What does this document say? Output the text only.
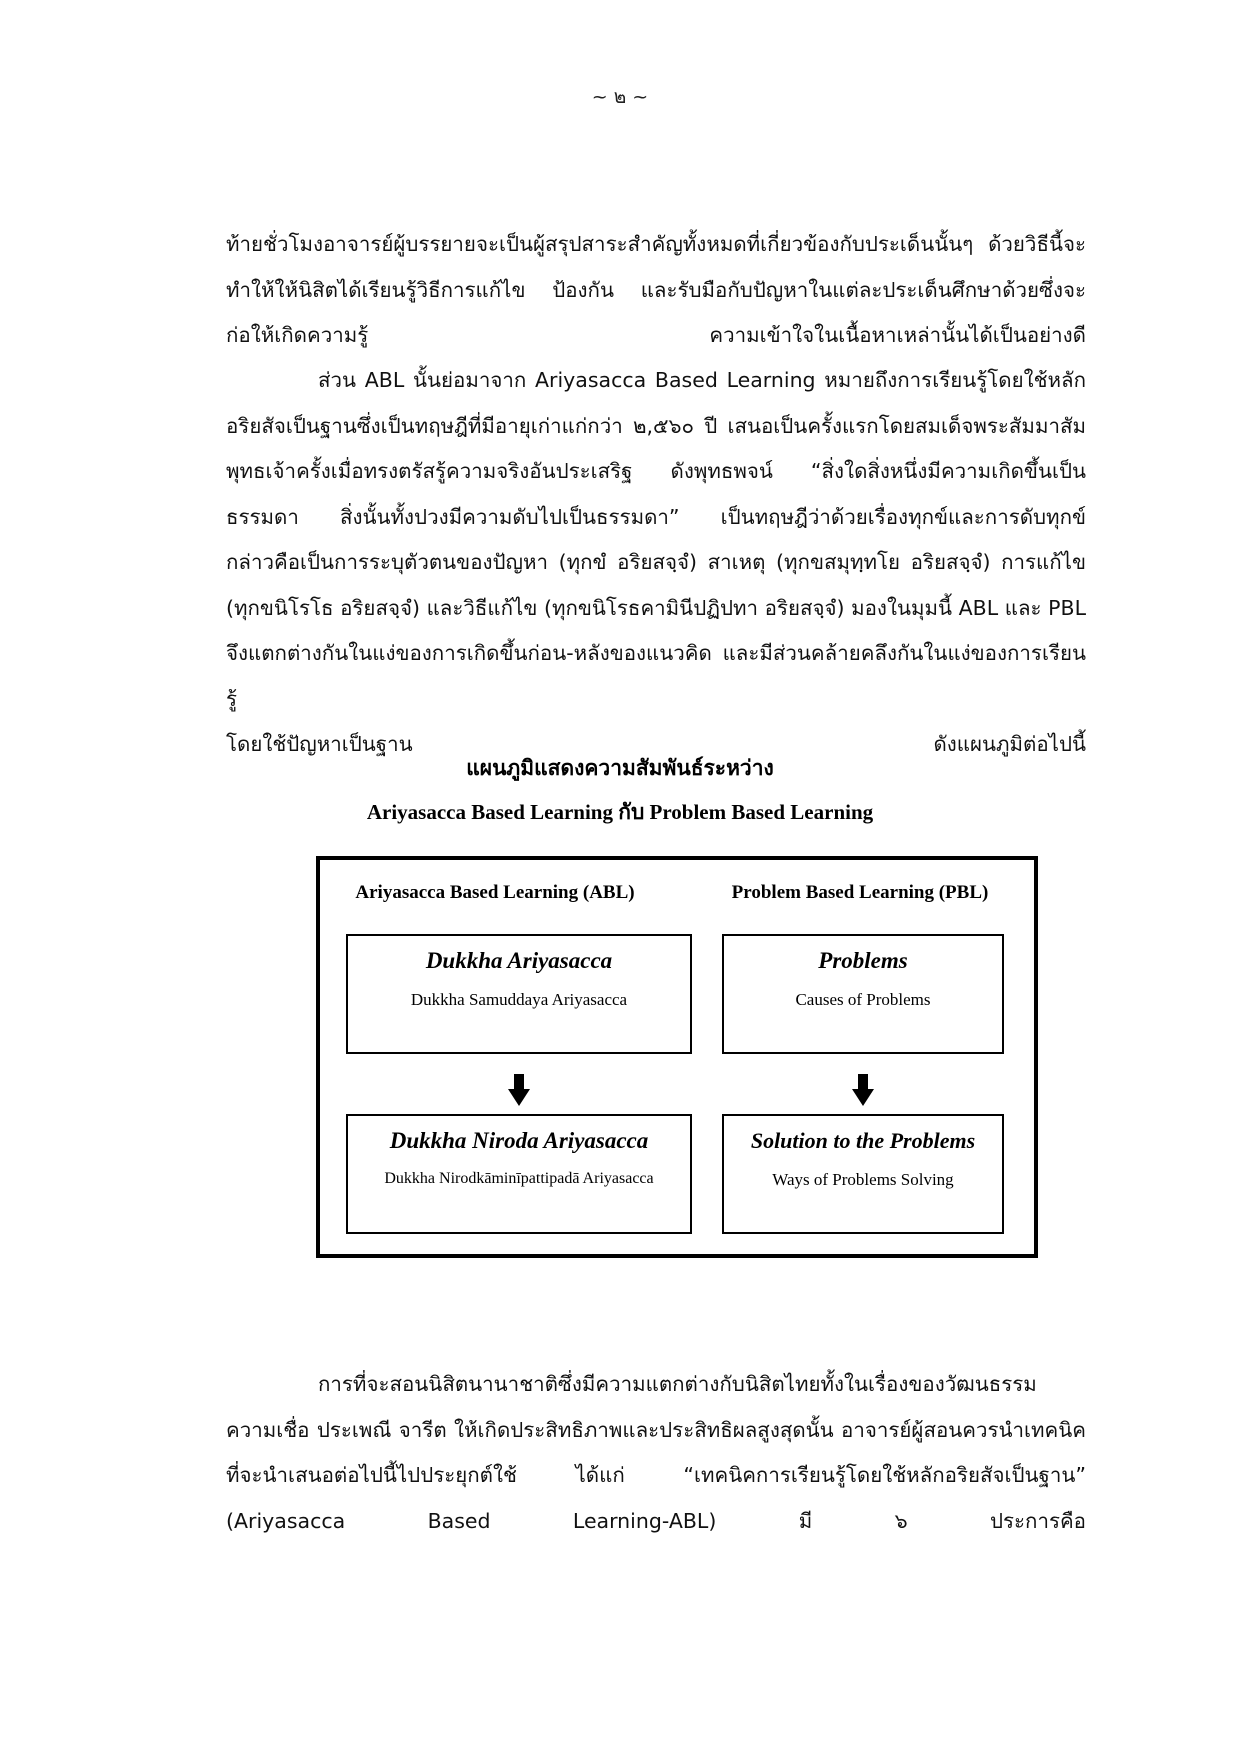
~ ๒ ~
ท้ายชั่วโมงอาจารย์ผู้บรรยายจะเป็นผู้สรุปสาระสำคัญทั้งหมดที่เกี่ยวข้องกับประเด็นนั้นๆ ด้วยวิธีนี้จะ
ทำให้ให้นิสิตได้เรียนรู้วิธีการแก้ไข ป้องกัน และรับมือกับปัญหาในแต่ละประเด็นศึกษาด้วยซึ่งจะ
ก่อให้เกิดความรู้ ความเข้าใจในเนื้อหาเหล่านั้นได้เป็นอย่างดี
ส่วน ABL นั้นย่อมาจาก Ariyasacca Based Learning หมายถึงการเรียนรู้โดยใช้หลัก
อริยสัจเป็นฐานซึ่งเป็นทฤษฎีที่มีอายุเก่าแก่กว่า ๒,๕๖๐ ปี เสนอเป็นครั้งแรกโดยสมเด็จพระสัมมาสัม
พุทธเจ้าครั้งเมื่อทรงตรัสรู้ความจริงอันประเสริฐ ดังพุทธพจน์ “สิ่งใดสิ่งหนึ่งมีความเกิดขึ้นเป็น
ธรรมดา สิ่งนั้นทั้งปวงมีความดับไปเป็นธรรมดา” เป็นทฤษฎีว่าด้วยเรื่องทุกข์และการดับทุกข์
กล่าวคือเป็นการระบุตัวตนของปัญหา (ทุกขํ อริยสจฺจํ) สาเหตุ (ทุกขสมุทฺทโย อริยสจฺจํ) การแก้ไข
(ทุกขนิโรโธ อริยสจฺจํ) และวิธีแก้ไข (ทุกขนิโรธคามินีปฏิปทา อริยสจฺจํ) มองในมุมนี้ ABL และ PBL
จึงแตกต่างกันในแง่ของการเกิดขึ้นก่อน-หลังของแนวคิด และมีส่วนคล้ายคลึงกันในแง่ของการเรียนรู้
โดยใช้ปัญหาเป็นฐาน ดังแผนภูมิต่อไปนี้
แผนภูมิแสดงความสัมพันธ์ระหว่าง
Ariyasacca Based Learning กับ Problem Based Learning
Ariyasacca Based Learning (ABL)	Problem Based Learning (PBL)
Dukkha Ariyasacca
Dukkha Samuddaya Ariyasacca
Problems
Causes of Problems
Dukkha Niroda Ariyasacca
Dukkha Nirodkāminīpattipadā Ariyasacca
Solution to the Problems
Ways of Problems Solving
การที่จะสอนนิสิตนานาชาติซึ่งมีความแตกต่างกับนิสิตไทยทั้งในเรื่องของวัฒนธรรม
ความเชื่อ ประเพณี จารีต ให้เกิดประสิทธิภาพและประสิทธิผลสูงสุดนั้น อาจารย์ผู้สอนควรนำเทคนิค
ที่จะนำเสนอต่อไปนี้ไปประยุกต์ใช้ ได้แก่ “เทคนิคการเรียนรู้โดยใช้หลักอริยสัจเป็นฐาน”
(Ariyasacca Based Learning-ABL) มี ๖ ประการคือ
